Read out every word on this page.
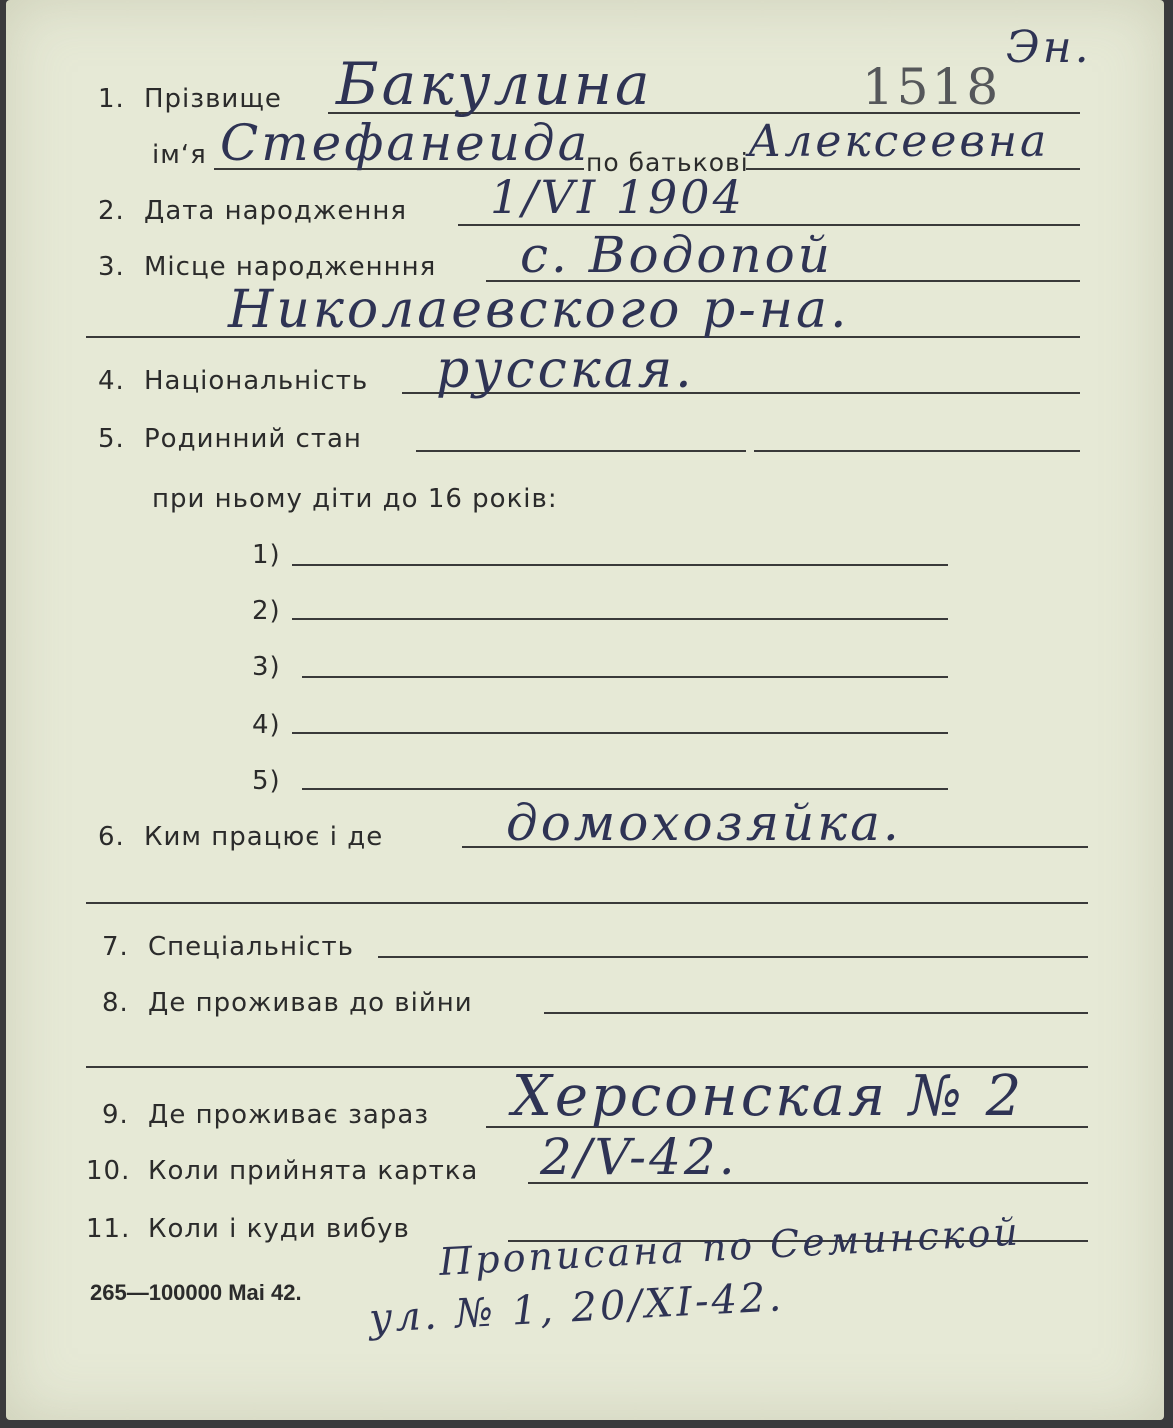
Эн.
1. Прізвище Бакулина	1518
ім‘я Стефанеида
по батькові Алексеевна
2. Дата народження 1/VI 1904
3. Місце народженння с. Водопой
Николаевского р-на.
4. Національність русская.
5. Родинний стан
при ньому діти до 16 років:
1)
2)
3)
4)
5)
6. Ким працює і де домохозяйка.
7. Спеціальність
8. Де проживав до війни
9. Де проживає зараз Херсонская № 2
10. Коли прийнята картка 2/V-42.
11. Коли і куди вибув Прописана по Семинской
265—100000 Mai 42. ул. № 1, 20/XI-42.
